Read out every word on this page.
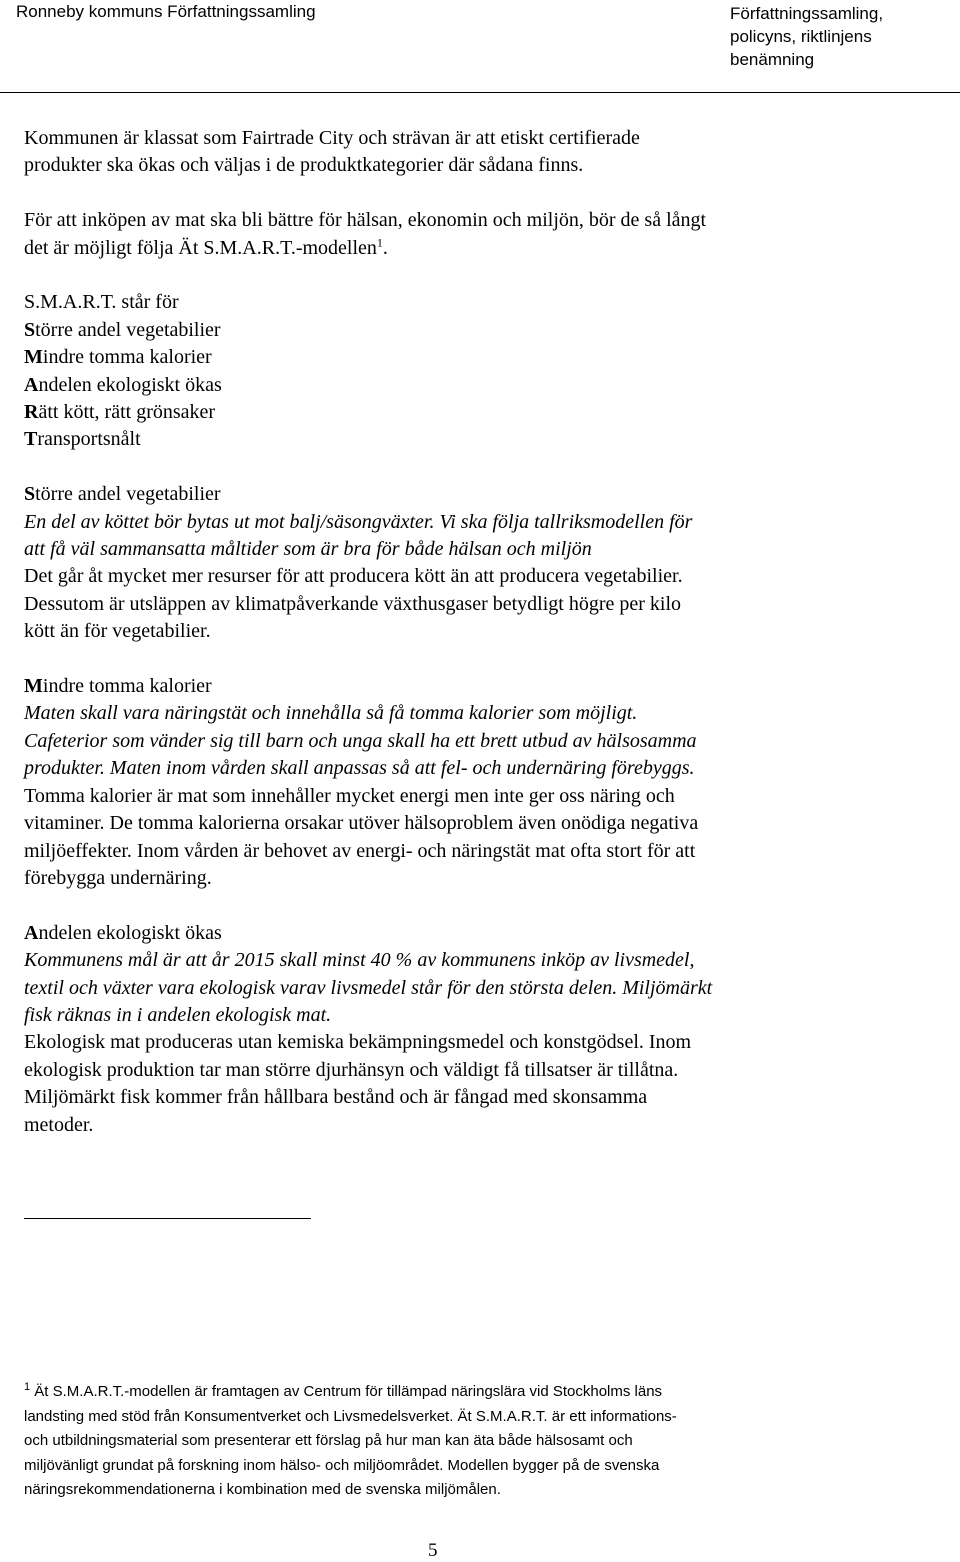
Ronneby kommuns Författningssamling	Författningssamling,
policyns, riktlinjens
benämning

Kommunen är klassat som Fairtrade City och strävan är att etiskt certifierade
produkter ska ökas och väljas i de produktkategorier där sådana finns.

För att inköpen av mat ska bli bättre för hälsan, ekonomin och miljön, bör de så långt
det är möjligt följa Ät S.M.A.R.T.-modellen$^1$.

S.M.A.R.T. står för
Större andel vegetabilier
Mindre tomma kalorier
Andelen ekologiskt ökas
Rätt kött, rätt grönsaker
Transportsnålt

Större andel vegetabilier
En del av köttet bör bytas ut mot balj/säsongväxter. Vi ska följa tallriksmodellen för
att få väl sammansatta måltider som är bra för både hälsan och miljön
Det går åt mycket mer resurser för att producera kött än att producera vegetabilier.
Dessutom är utsläppen av klimatpåverkande växthusgaser betydligt högre per kilo
kött än för vegetabilier.

Mindre tomma kalorier
Maten skall vara näringstät och innehålla så få tomma kalorier som möjligt.
Cafeterior som vänder sig till barn och unga skall ha ett brett utbud av hälsosamma
produkter. Maten inom vården skall anpassas så att fel- och undernäring förebyggs.
Tomma kalorier är mat som innehåller mycket energi men inte ger oss näring och
vitaminer. De tomma kalorierna orsakar utöver hälsoproblem även onödiga negativa
miljöeffekter. Inom vården är behovet av energi- och näringstät mat ofta stort för att
förebygga undernäring.

Andelen ekologiskt ökas
Kommunens mål är att år 2015 skall minst 40 % av kommunens inköp av livsmedel,
textil och växter vara ekologisk varav livsmedel står för den största delen. Miljömärkt
fisk räknas in i andelen ekologisk mat.
Ekologisk mat produceras utan kemiska bekämpningsmedel och konstgödsel. Inom
ekologisk produktion tar man större djurhänsyn och väldigt få tillsatser är tillåtna.
Miljömärkt fisk kommer från hållbara bestånd och är fångad med skonsamma
metoder.

$^1$ Ät S.M.A.R.T.-modellen är framtagen av Centrum för tillämpad näringslära vid Stockholms läns
landsting med stöd från Konsumentverket och Livsmedelsverket. Ät S.M.A.R.T. är ett informations-
och utbildningsmaterial som presenterar ett förslag på hur man kan äta både hälsosamt och
miljövänligt grundat på forskning inom hälso- och miljöområdet. Modellen bygger på de svenska
näringsrekommendationerna i kombination med de svenska miljömålen.
5
